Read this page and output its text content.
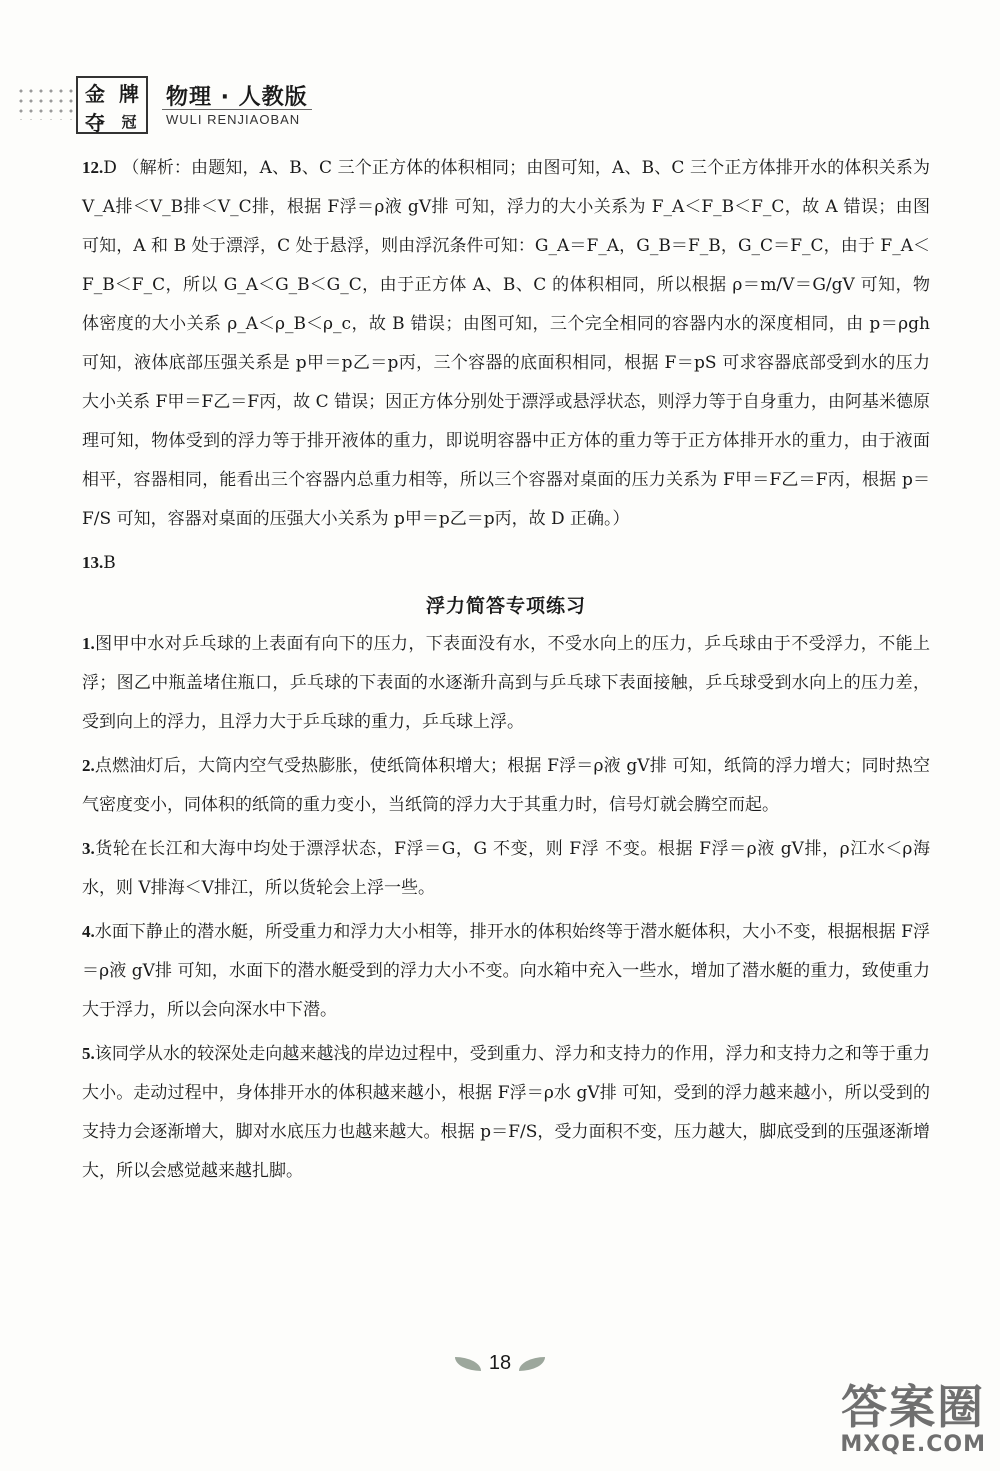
金 牌
夺	冠
物理 · 人教版
WULI RENJIAOBAN

12.D （解析：由题知，A、B、C 三个正方体的体积相同；由图可知，A、B、C 三个正方体排开水的体积关系为 V_A排＜V_B排＜V_C排，根据 F浮＝ρ液 gV排 可知，浮力的大小关系为 F_A＜F_B＜F_C，故 A 错误；由图可知，A 和 B 处于漂浮，C 处于悬浮，则由浮沉条件可知：G_A＝F_A，G_B＝F_B，G_C＝F_C，由于 F_A＜F_B＜F_C，所以 G_A＜G_B＜G_C，由于正方体 A、B、C 的体积相同，所以根据 ρ＝m/V＝G/gV 可知，物体密度的大小关系 ρ_A＜ρ_B＜ρ_c，故 B 错误；由图可知，三个完全相同的容器内水的深度相同，由 p＝ρgh 可知，液体底部压强关系是 p甲＝p乙＝p丙，三个容器的底面积相同，根据 F＝pS 可求容器底部受到水的压力大小关系 F甲＝F乙＝F丙，故 C 错误；因正方体分别处于漂浮或悬浮状态，则浮力等于自身重力，由阿基米德原理可知，物体受到的浮力等于排开液体的重力，即说明容器中正方体的重力等于正方体排开水的重力，由于液面相平，容器相同，能看出三个容器内总重力相等，所以三个容器对桌面的压力关系为 F甲＝F乙＝F丙，根据 p＝F/S 可知，容器对桌面的压强大小关系为 p甲＝p乙＝p丙，故 D 正确。）

13.B

浮力简答专项练习

1.图甲中水对乒乓球的上表面有向下的压力，下表面没有水，不受水向上的压力，乒乓球由于不受浮力，不能上浮；图乙中瓶盖堵住瓶口，乒乓球的下表面的水逐渐升高到与乒乓球下表面接触，乒乓球受到水向上的压力差，受到向上的浮力，且浮力大于乒乓球的重力，乒乓球上浮。

2.点燃油灯后，大筒内空气受热膨胀，使纸筒体积增大；根据 F浮＝ρ液 gV排 可知，纸筒的浮力增大；同时热空气密度变小，同体积的纸筒的重力变小，当纸筒的浮力大于其重力时，信号灯就会腾空而起。

3.货轮在长江和大海中均处于漂浮状态，F浮＝G，G 不变，则 F浮 不变。根据 F浮＝ρ液 gV排，ρ江水＜ρ海水，则 V排海＜V排江，所以货轮会上浮一些。

4.水面下静止的潜水艇，所受重力和浮力大小相等，排开水的体积始终等于潜水艇体积，大小不变，根据根据 F浮＝ρ液 gV排 可知，水面下的潜水艇受到的浮力大小不变。向水箱中充入一些水，增加了潜水艇的重力，致使重力大于浮力，所以会向深水中下潜。

5.该同学从水的较深处走向越来越浅的岸边过程中，受到重力、浮力和支持力的作用，浮力和支持力之和等于重力大小。走动过程中，身体排开水的体积越来越小，根据 F浮＝ρ水 gV排 可知，受到的浮力越来越小，所以受到的支持力会逐渐增大，脚对水底压力也越来越大。根据 p＝F/S，受力面积不变，压力越大，脚底受到的压强逐渐增大，所以会感觉越来越扎脚。

18
答案圈
MXQE.COM
